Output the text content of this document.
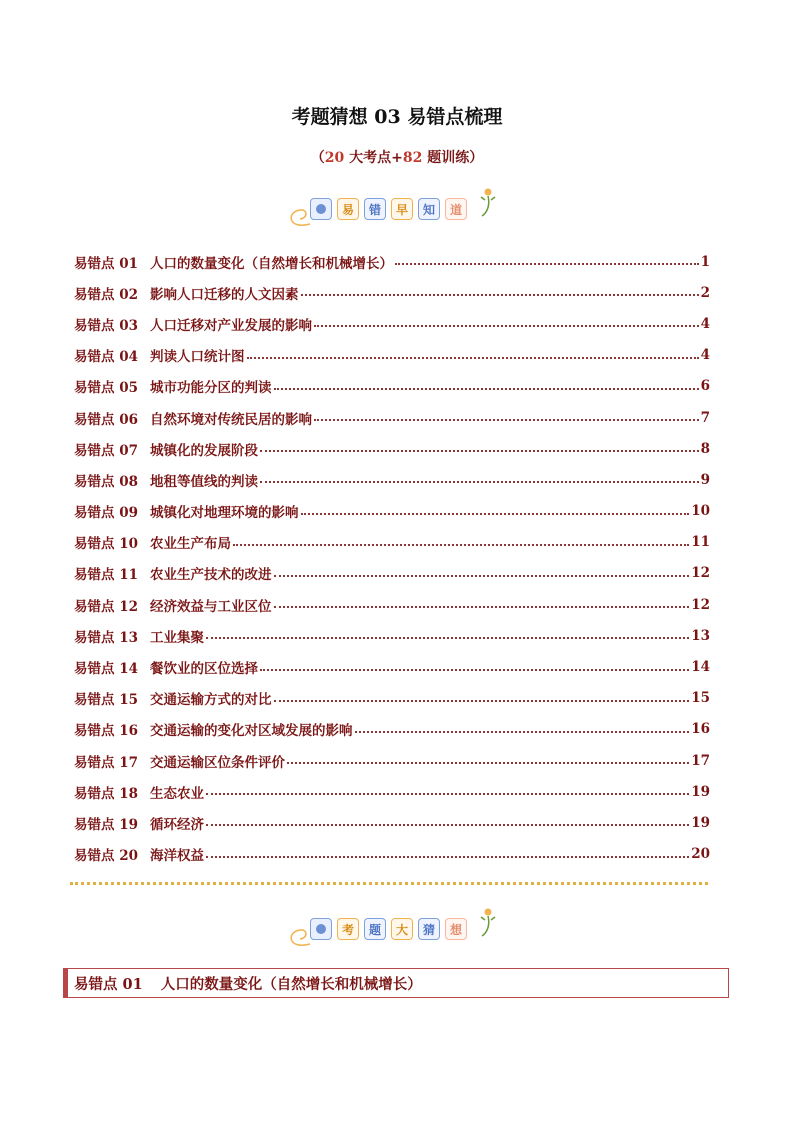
考题猜想 03 易错点梳理
（20 大考点+82 题训练）
易	错	早	知	道
易错点 01 人口的数量变化（自然增长和机械增长）	1
易错点 02 影响人口迁移的人文因素	2
易错点 03 人口迁移对产业发展的影响	4
易错点 04 判读人口统计图	4
易错点 05 城市功能分区的判读	6
易错点 06 自然环境对传统民居的影响	7
易错点 07 城镇化的发展阶段	8
易错点 08 地租等值线的判读	9
易错点 09 城镇化对地理环境的影响	10
易错点 10 农业生产布局	11
易错点 11 农业生产技术的改进	12
易错点 12 经济效益与工业区位	12
易错点 13 工业集聚	13
易错点 14 餐饮业的区位选择	14
易错点 15 交通运输方式的对比	15
易错点 16 交通运输的变化对区域发展的影响	16
易错点 17 交通运输区位条件评价	17
易错点 18 生态农业	19
易错点 19 循环经济	19
易错点 20 海洋权益	20
考	题	大	猜	想
易错点 01 人口的数量变化（自然增长和机械增长）
